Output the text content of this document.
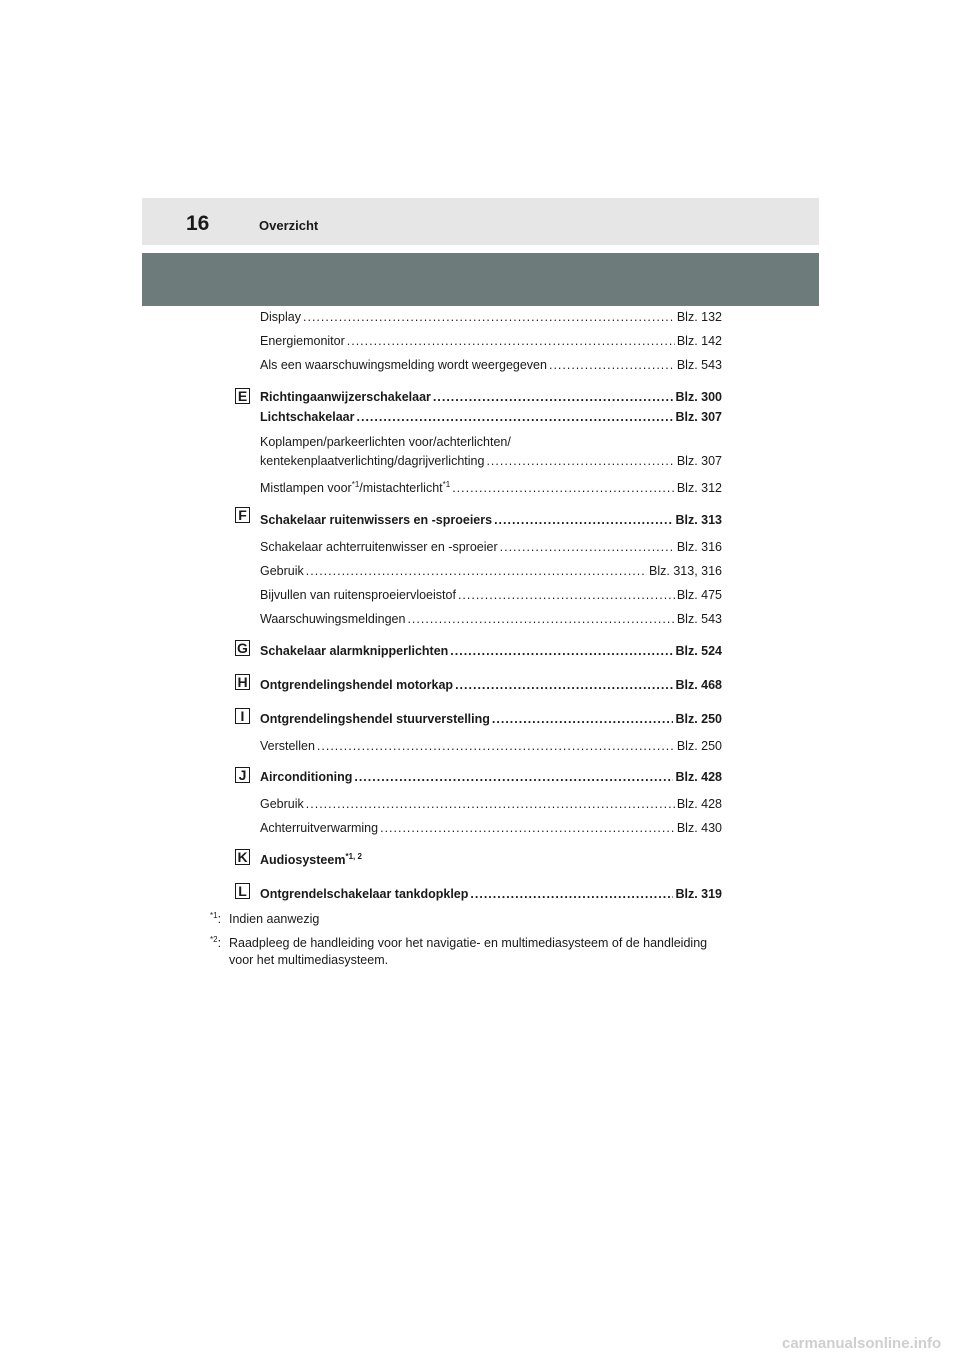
16	Overzicht
Display .....	Blz. 132
Energiemonitor .....	Blz. 142
Als een waarschuwingsmelding wordt weergegeven .....	Blz. 543
E Richtingaanwijzerschakelaar .....	Blz. 300
Lichtschakelaar .....	Blz. 307
Koplampen/parkeerlichten voor/achterlichten/
kentekenplaatverlichting/dagrijverlichting .....	Blz. 307
Mistlampen voor$^{*1}$/mistachterlicht$^{*1}$ .....	Blz. 312
F Schakelaar ruitenwissers en -sproeiers .....	Blz. 313
Schakelaar achterruitenwisser en -sproeier .....	Blz. 316
Gebruik .....	Blz. 313, 316
Bijvullen van ruitensproeiervloeistof .....	Blz. 475
Waarschuwingsmeldingen .....	Blz. 543
G Schakelaar alarmknipperlichten .....	Blz. 524
H Ontgrendelingshendel motorkap .....	Blz. 468
I	Ontgrendelingshendel stuurverstelling .....	Blz. 250
Verstellen .....	Blz. 250
J Airconditioning .....	Blz. 428
Gebruik .....	Blz. 428
Achterruitverwarming .....	Blz. 430
K Audiosysteem$^{*1, 2}$
L Ontgrendelschakelaar tankdopklep .....	Blz. 319
$^{*1}$: Indien aanwezig
$^{*2}$: Raadpleeg de handleiding voor het navigatie- en multimediasysteem of de handleiding voor het multimediasysteem.
carmanualsonline.info
